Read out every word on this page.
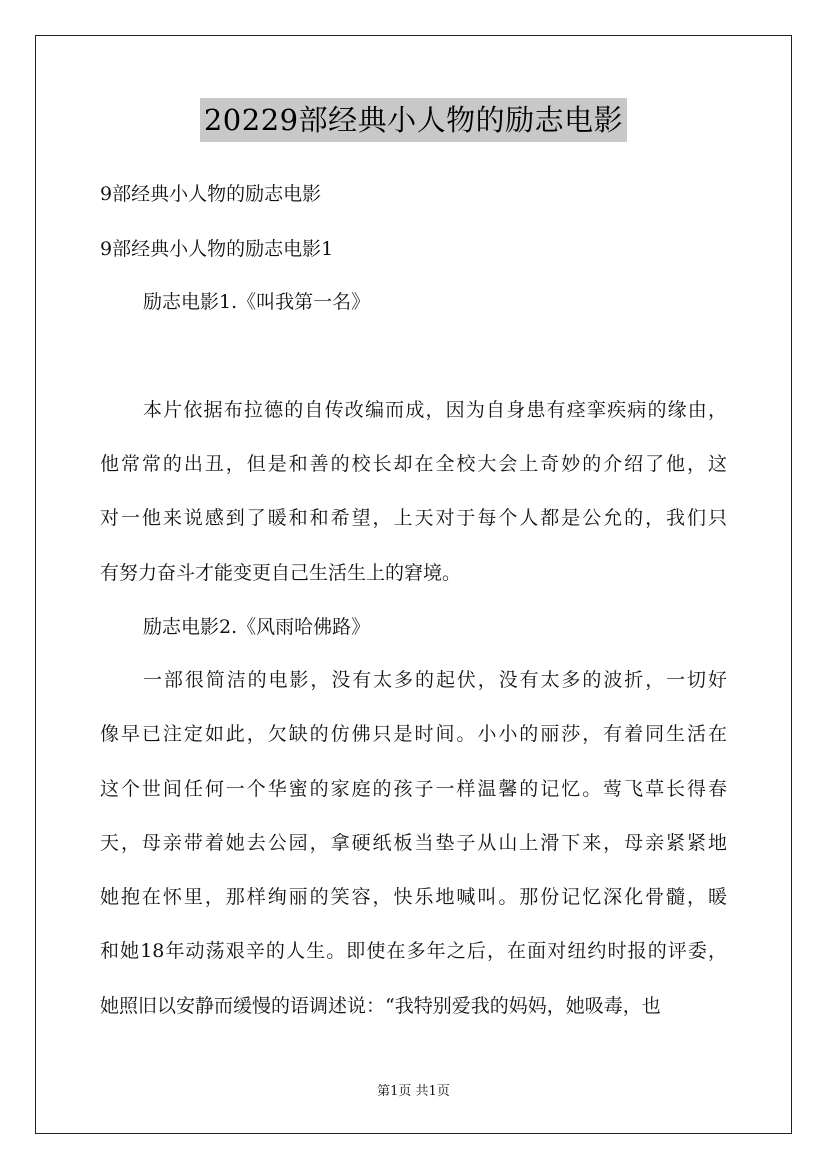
20229部经典小人物的励志电影
9部经典小人物的励志电影
9部经典小人物的励志电影1
励志电影1.《叫我第一名》
本片依据布拉德的自传改编而成，因为自身患有痉挛疾病的缘由，
他常常的出丑，但是和善的校长却在全校大会上奇妙的介绍了他，这
对一他来说感到了暖和和希望，上天对于每个人都是公允的，我们只
有努力奋斗才能变更自己生活生上的窘境。
励志电影2.《风雨哈佛路》
一部很简洁的电影，没有太多的起伏，没有太多的波折，一切好
像早已注定如此，欠缺的仿佛只是时间。小小的丽莎，有着同生活在
这个世间任何一个华蜜的家庭的孩子一样温馨的记忆。莺飞草长得春
天，母亲带着她去公园，拿硬纸板当垫子从山上滑下来，母亲紧紧地
她抱在怀里，那样绚丽的笑容，快乐地喊叫。那份记忆深化骨髓，暖
和她18年动荡艰辛的人生。即使在多年之后，在面对纽约时报的评委，
她照旧以安静而缓慢的语调述说：“我特别爱我的妈妈，她吸毒，也
第1页 共1页
